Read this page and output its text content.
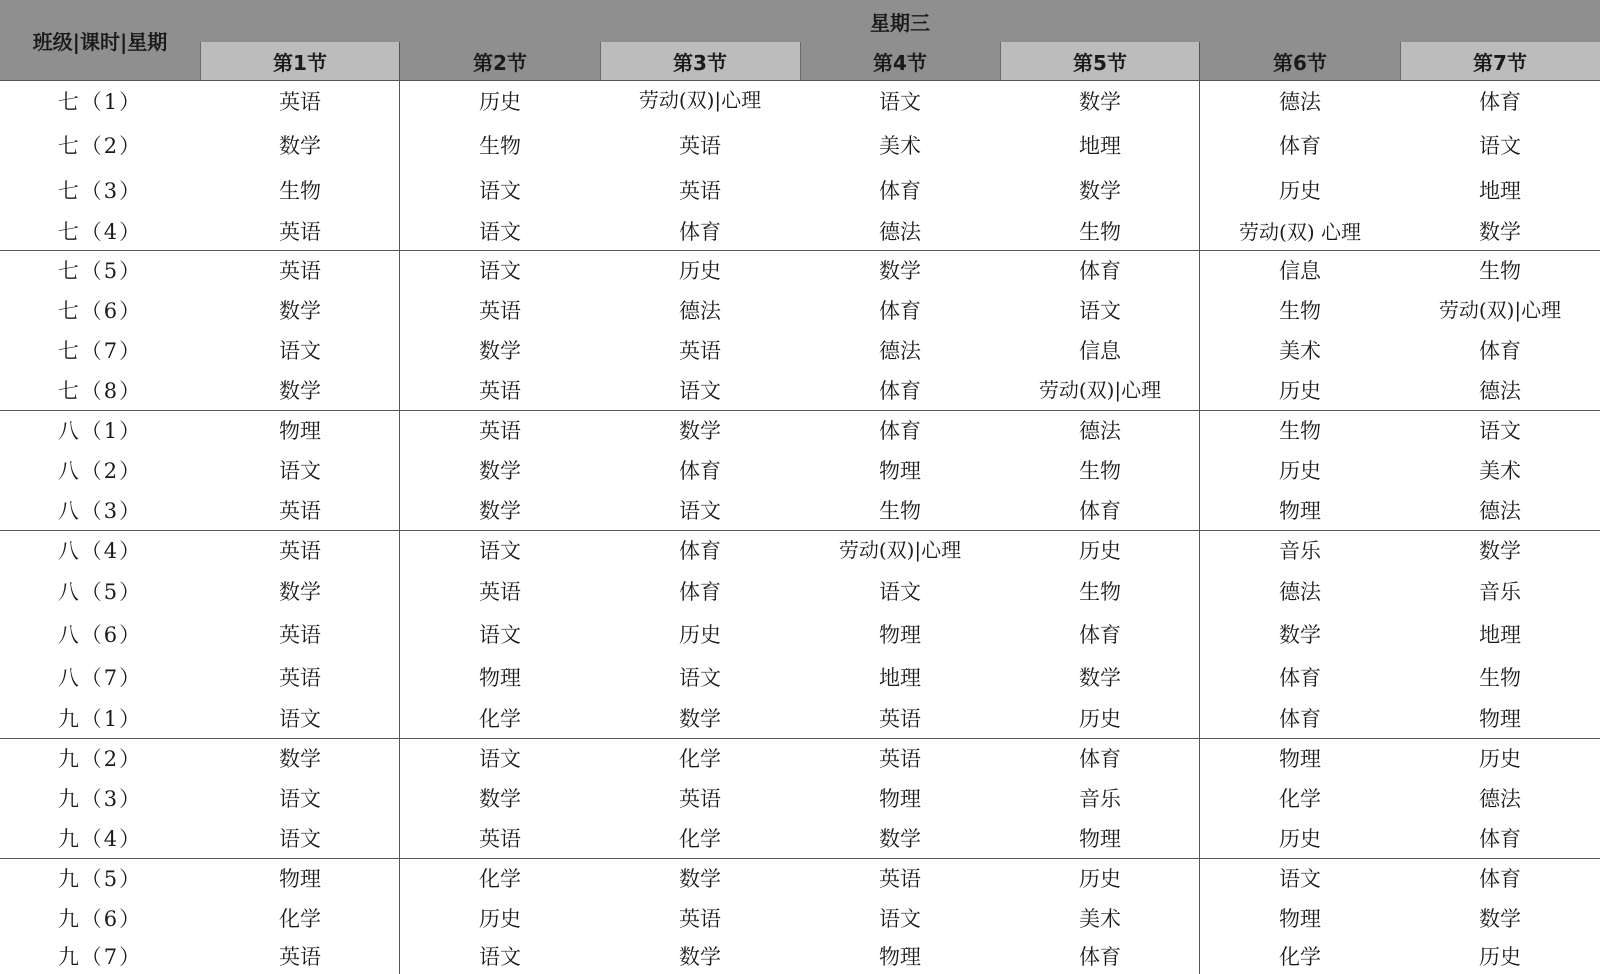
班级|课时|星期
星期三
第1节	第2节	第3节	第4节	第5节	第6节	第7节
七（1）	英语	历史	劳动(双)|心理	语文	数学	德法	体育
七（2）	数学	生物	英语	美术	地理	体育	语文
七（3）	生物	语文	英语	体育	数学	历史	地理
七（4）	英语	语文	体育	德法	生物	劳动(双) 心理	数学
七（5）	英语	语文	历史	数学	体育	信息	生物
七（6）	数学	英语	德法	体育	语文	生物	劳动(双)|心理
七（7）	语文	数学	英语	德法	信息	美术	体育
七（8）	数学	英语	语文	体育	劳动(双)|心理	历史	德法
八（1）	物理	英语	数学	体育	德法	生物	语文
八（2）	语文	数学	体育	物理	生物	历史	美术
八（3）	英语	数学	语文	生物	体育	物理	德法
八（4）	英语	语文	体育	劳动(双)|心理	历史	音乐	数学
八（5）	数学	英语	体育	语文	生物	德法	音乐
八（6）	英语	语文	历史	物理	体育	数学	地理
八（7）	英语	物理	语文	地理	数学	体育	生物
九（1）	语文	化学	数学	英语	历史	体育	物理
九（2）	数学	语文	化学	英语	体育	物理	历史
九（3）	语文	数学	英语	物理	音乐	化学	德法
九（4）	语文	英语	化学	数学	物理	历史	体育
九（5）	物理	化学	数学	英语	历史	语文	体育
九（6）	化学	历史	英语	语文	美术	物理	数学
九（7）	英语	语文	数学	物理	体育	化学	历史
